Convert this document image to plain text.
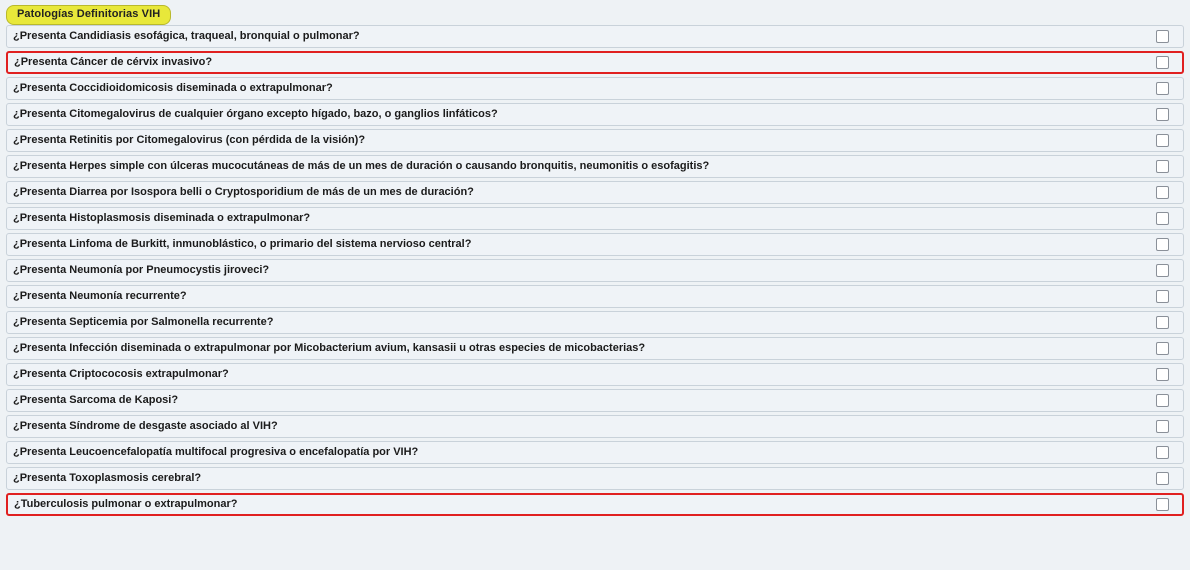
Patologías Definitorias VIH
¿Presenta Candidiasis esofágica, traqueal, bronquial o pulmonar?
¿Presenta Cáncer de cérvix invasivo?
¿Presenta Coccidioidomicosis diseminada o extrapulmonar?
¿Presenta Citomegalovirus de cualquier órgano excepto hígado, bazo, o ganglios linfáticos?
¿Presenta Retinitis por Citomegalovirus (con pérdida de la visión)?
¿Presenta Herpes simple con úlceras mucocutáneas de más de un mes de duración o causando bronquitis, neumonitis o esofagitis?
¿Presenta Diarrea por Isospora belli o Cryptosporidium de más de un mes de duración?
¿Presenta Histoplasmosis diseminada o extrapulmonar?
¿Presenta Linfoma de Burkitt, inmunoblástico, o primario del sistema nervioso central?
¿Presenta Neumonía por Pneumocystis jiroveci?
¿Presenta Neumonía recurrente?
¿Presenta Septicemia por Salmonella recurrente?
¿Presenta Infección diseminada o extrapulmonar por Micobacterium avium, kansasii u otras especies de micobacterias?
¿Presenta Criptococosis extrapulmonar?
¿Presenta Sarcoma de Kaposi?
¿Presenta Síndrome de desgaste asociado al VIH?
¿Presenta Leucoencefalopatía multifocal progresiva o encefalopatía por VIH?
¿Presenta Toxoplasmosis cerebral?
¿Tuberculosis pulmonar o extrapulmonar?
